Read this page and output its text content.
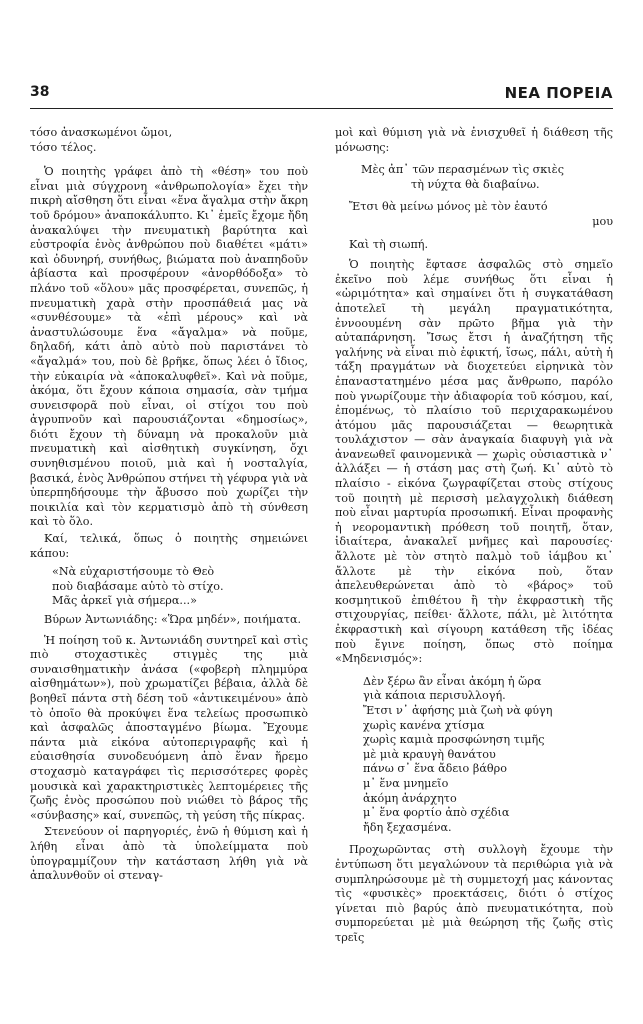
38	ΝΕΑ ΠΟΡΕΙΑ
τόσο ἀνασκωμένοι ὤμοι,
τόσο τέλος.

Ὁ ποιητὴς γράφει ἀπὸ τὴ «θέση» του ποὺ εἶναι μιὰ σύγχρονη «ἀνθρωπολογία» ἔχει τὴν πικρὴ αἴσθηση ὅτι εἶναι «ἕνα ἄγαλμα στὴν ἄκρη τοῦ δρόμου» ἀναποκάλυπτο. Κι᾽ ἐμεῖς ἔχομε ἤδη ἀνακαλύψει τὴν πνευματικὴ βαρύτητα καὶ εὐστροφία ἑνὸς ἀνθρώπου ποὺ διαθέτει «μάτι» καὶ ὀδυνηρή, συνήθως, βιώματα ποὺ ἀναπηδοῦν ἀβίαστα καὶ προσφέρουν «ἀνορθόδοξα» τὸ πλάνο τοῦ «ὅλου» μᾶς προσφέρεται, συνεπῶς, ἡ πνευματικὴ χαρὰ στὴν προσπάθειά μας νὰ «συνθέσουμε» τὰ «ἐπὶ μέρους» καὶ νὰ ἀναστυλώσουμε ἕνα «ἄγαλμα» νὰ ποῦμε, δηλαδή, κάτι ἀπὸ αὐτὸ ποὺ παριστάνει τὸ «ἄγαλμά» του, ποὺ δὲ βρῆκε, ὅπως λέει ὁ ἴδιος, τὴν εὐκαιρία νὰ «ἀποκαλυφθεῖ». Καὶ νὰ ποῦμε, ἀκόμα, ὅτι ἔχουν κάποια σημασία, σὰν τμήμα συνεισφορᾶ ποὺ εἶναι, οἱ στίχοι του ποὺ ἀγρυπνοῦν καὶ παρουσιάζονται «δημοσίως», διότι ἔχουν τὴ δύναμη νὰ προκαλοῦν μιὰ πνευματικὴ καὶ αἰσθητικὴ συγκίνηση, ὄχι συνηθισμένου ποιοῦ, μιὰ καὶ ἡ νοσταλγία, βασικά, ἑνὸς Ἀνθρώπου στήνει τὴ γέφυρα γιὰ νὰ ὑπερπηδήσουμε τὴν ἄβυσσο ποὺ χωρίζει τὴν ποικιλία καὶ τὸν κερματισμὸ ἀπὸ τὴ σύνθεση καὶ τὸ ὅλο.

Καί, τελικά, ὅπως ὁ ποιητὴς σημειώνει κάπου:

«Νὰ εὐχαριστήσουμε τὸ Θεὸ
ποὺ διαβάσαμε αὐτὸ τὸ στίχο.
Μᾶς ἀρκεῖ γιὰ σήμερα...»

Βύρων Ἀντωνιάδης: «Ὥρα μηδέν», ποιήματα.

Ἡ ποίηση τοῦ κ. Ἀντωνιάδη συντηρεῖ καὶ στὶς πιὸ στοχαστικὲς στιγμὲς της μιὰ συναισθηματικὴν ἀνάσα («φοβερὴ πλημμύρα αἰσθημάτων»), ποὺ χρωματίζει βέβαια, ἀλλὰ δὲ βοηθεῖ πάντα στὴ δέση τοῦ «ἀντικειμένου» ἀπὸ τὸ ὁποῖο θὰ προκύψει ἕνα τελείως προσωπικὸ καὶ ἀσφαλῶς ἀποσταγμένο βίωμα. Ἔχουμε πάντα μιὰ εἰκόνα αὐτοπεριγραφῆς καὶ ἡ εὐαισθησία συνοδευόμενη ἀπὸ ἕναν ἥρεμο στοχασμὸ καταγράφει τὶς περισσότερες φορὲς μουσικὰ καὶ χαρακτηριστικὲς λεπτομέρειες τῆς ζωῆς ἑνὸς προσώπου ποὺ νιώθει τὸ βάρος τῆς «σύνβασης» καί, συνεπῶς, τὴ γεύση τῆς πίκρας.

Στενεύουν οἱ παρηγοριές, ἐνῶ ἡ θύμιση καὶ ἡ λήθη εἶναι ἀπὸ τὰ ὑπολείμματα ποὺ ὑπογραμμίζουν τὴν κατάσταση λήθη γιὰ νὰ ἀπαλυνθοῦν οἱ στεναγ-

μοὶ καὶ θύμιση γιὰ νὰ ἐνισχυθεῖ ἡ διάθεση τῆς μόνωσης:

Μὲς ἀπ᾽ τῶν περασμένων τὶς σκιὲς
τὴ νύχτα θὰ διαβαίνω.
Ἔτσι θὰ μείνω μόνος μὲ τὸν ἑαυτό
μου

Καὶ τὴ σιωπή.

Ὁ ποιητὴς ἔφτασε ἀσφαλῶς στὸ σημεῖο ἐκεῖνο ποὺ λέμε συνήθως ὅτι εἶναι ἡ «ὡριμότητα» καὶ σημαίνει ὅτι ἡ συγκατάθαση ἀποτελεῖ τὴ μεγάλη πραγματικότητα, ἐννοουμένη σὰν πρῶτο βῆμα γιὰ τὴν αὐταπάρνηση. Ἴσως ἔτσι ἡ ἀναζήτηση τῆς γαλήνης νὰ εἶναι πιὸ ἐφικτή, ἴσως, πάλι, αὐτὴ ἡ τάξη πραγμάτων νὰ διοχετεύει εἰρηνικὰ τὸν ἐπαναστατημένο μέσα μας ἄνθρωπο, παρόλο ποὺ γνωρίζουμε τὴν ἀδιαφορία τοῦ κόσμου, καί, ἐπομένως, τὸ πλαίσιο τοῦ περιχαρακωμένου ἀτόμου μᾶς παρουσιάζεται — θεωρητικὰ τουλάχιστον — σὰν ἀναγκαία διαφυγὴ γιὰ νὰ ἀνανεωθεῖ φαινομενικὰ — χωρὶς οὐσιαστικὰ ν᾽ ἀλλάξει — ἡ στάση μας στὴ ζωή. Κι᾽ αὐτὸ τὸ πλαίσιο - εἰκόνα ζωγραφίζεται στοὺς στίχους τοῦ ποιητὴ μὲ περισσὴ μελαγχολικὴ διάθεση ποὺ εἶναι μαρτυρία προσωπική. Εἶναι προφανὴς ἡ νεορομαντικὴ πρόθεση τοῦ ποιητῆ, ὅταν, ἰδιαίτερα, ἀνακαλεῖ μνῆμες καὶ παρουσίες· ἄλλοτε μὲ τὸν στητὸ παλμὸ τοῦ ἰάμβου κι᾽ ἄλλοτε μὲ τὴν εἰκόνα ποὺ, ὅταν ἀπελευθερώνεται ἀπὸ τὸ «βάρος» τοῦ κοσμητικοῦ ἐπιθέτου ἢ τὴν ἐκφραστικὴ τῆς στιχουργίας, πείθει· ἄλλοτε, πάλι, μὲ λιτότητα ἐκφραστικὴ καὶ σίγουρη κατάθεση τῆς ἰδέας ποὺ ἔγινε ποίηση, ὅπως στὸ ποίημα «Μηδενισμός»:

Δὲν ξέρω ἂν εἶναι ἀκόμη ἡ ὥρα
γιὰ κάποια περισυλλογή.
Ἔτσι ν᾽ ἀφήσης μιὰ ζωὴ νὰ φύγη
χωρὶς κανένα χτίσμα
χωρὶς καμιὰ προσφώνηση τιμῆς
μὲ μιὰ κραυγὴ θανάτου
πάνω σ᾽ ἕνα ἄδειο βάθρο
μ᾽ ἕνα μνημεῖο
ἀκόμη ἀνάρχητο
μ᾽ ἕνα φορτίο ἀπὸ σχέδια
ἤδη ξεχασμένα.

Προχωρῶντας στὴ συλλογὴ ἔχουμε τὴν ἐντύπωση ὅτι μεγαλώνουν τὰ περιθώρια γιὰ νὰ συμπληρώσουμε μὲ τὴ συμμετοχή μας κάνοντας τὶς «φυσικὲς» προεκτάσεις, διότι ὁ στίχος γίνεται πιὸ βαρύς ἀπὸ πνευματικότητα, ποὺ συμπορεύεται μὲ μιὰ θεώρηση τῆς ζωῆς στὶς τρεῖς
